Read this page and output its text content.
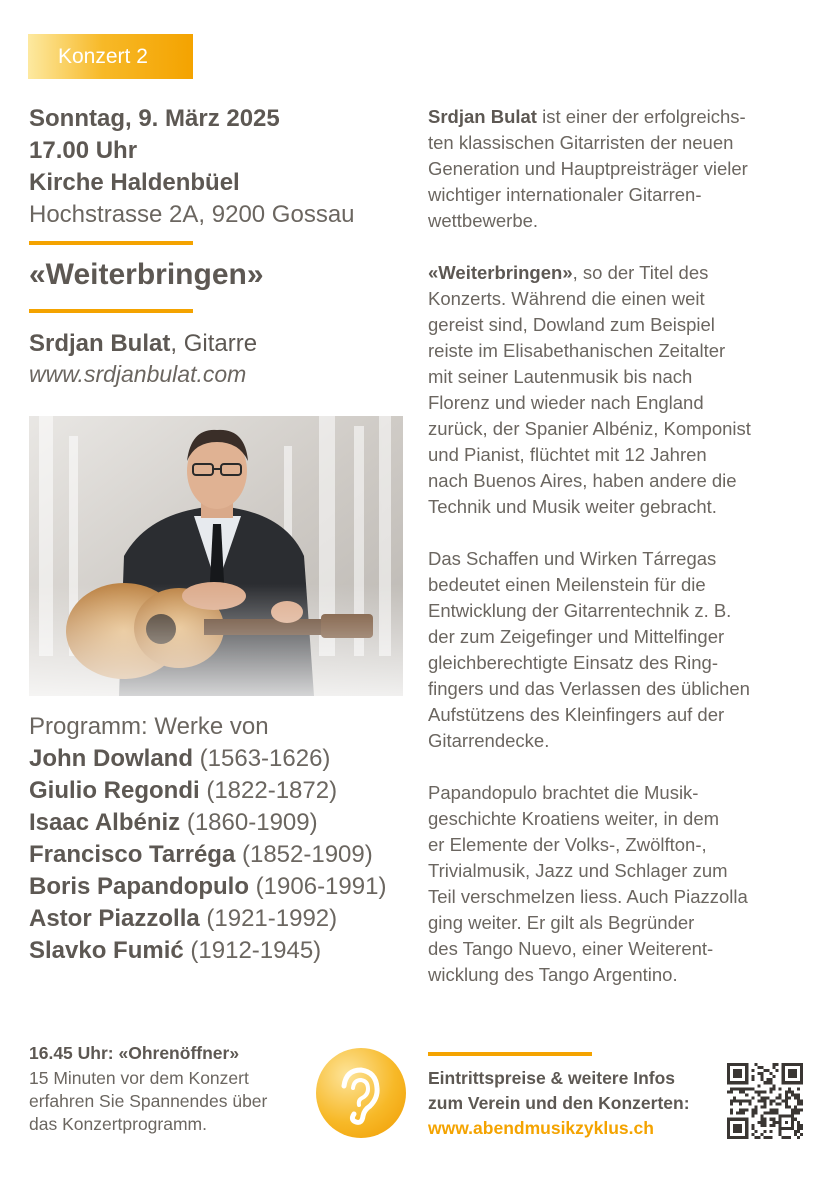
Konzert 2
Sonntag, 9. März 2025
17.00 Uhr
Kirche Haldenbüel
Hochstrasse 2A, 9200 Gossau
«Weiterbringen»
Srdjan Bulat, Gitarre
www.srdjanbulat.com
Programm: Werke von
John Dowland (1563-1626)
Giulio Regondi (1822-1872)
Isaac Albéniz (1860-1909)
Francisco Tarréga (1852-1909)
Boris Papandopulo (1906-1991)
Astor Piazzolla (1921-1992)
Slavko Fumić (1912-1945)

Srdjan Bulat ist einer der erfolgreichs-
ten klassischen Gitarristen der neuen
Generation und Hauptpreisträger vieler
wichtiger internationaler Gitarren-
wettbewerbe.

«Weiterbringen», so der Titel des
Konzerts. Während die einen weit
gereist sind, Dowland zum Beispiel
reiste im Elisabethanischen Zeitalter
mit seiner Lautenmusik bis nach
Florenz und wieder nach England
zurück, der Spanier Albéniz, Komponist
und Pianist, flüchtet mit 12 Jahren
nach Buenos Aires, haben andere die
Technik und Musik weiter gebracht.

Das Schaffen und Wirken Tárregas
bedeutet einen Meilenstein für die
Entwicklung der Gitarrentechnik z. B.
der zum Zeigefinger und Mittelfinger
gleichberechtigte Einsatz des Ring-
fingers und das Verlassen des üblichen
Aufstützens des Kleinfingers auf der
Gitarrendecke.

Papandopulo brachtet die Musik-
geschichte Kroatiens weiter, in dem
er Elemente der Volks-, Zwölfton-,
Trivialmusik, Jazz und Schlager zum
Teil verschmelzen liess. Auch Piazzolla
ging weiter. Er gilt als Begründer
des Tango Nuevo, einer Weiterent-
wicklung des Tango Argentino.

16.45 Uhr: «Ohrenöffner»
15 Minuten vor dem Konzert
erfahren Sie Spannendes über
das Konzertprogramm.
Eintrittspreise & weitere Infos
zum Verein und den Konzerten:
www.abendmusikzyklus.ch
